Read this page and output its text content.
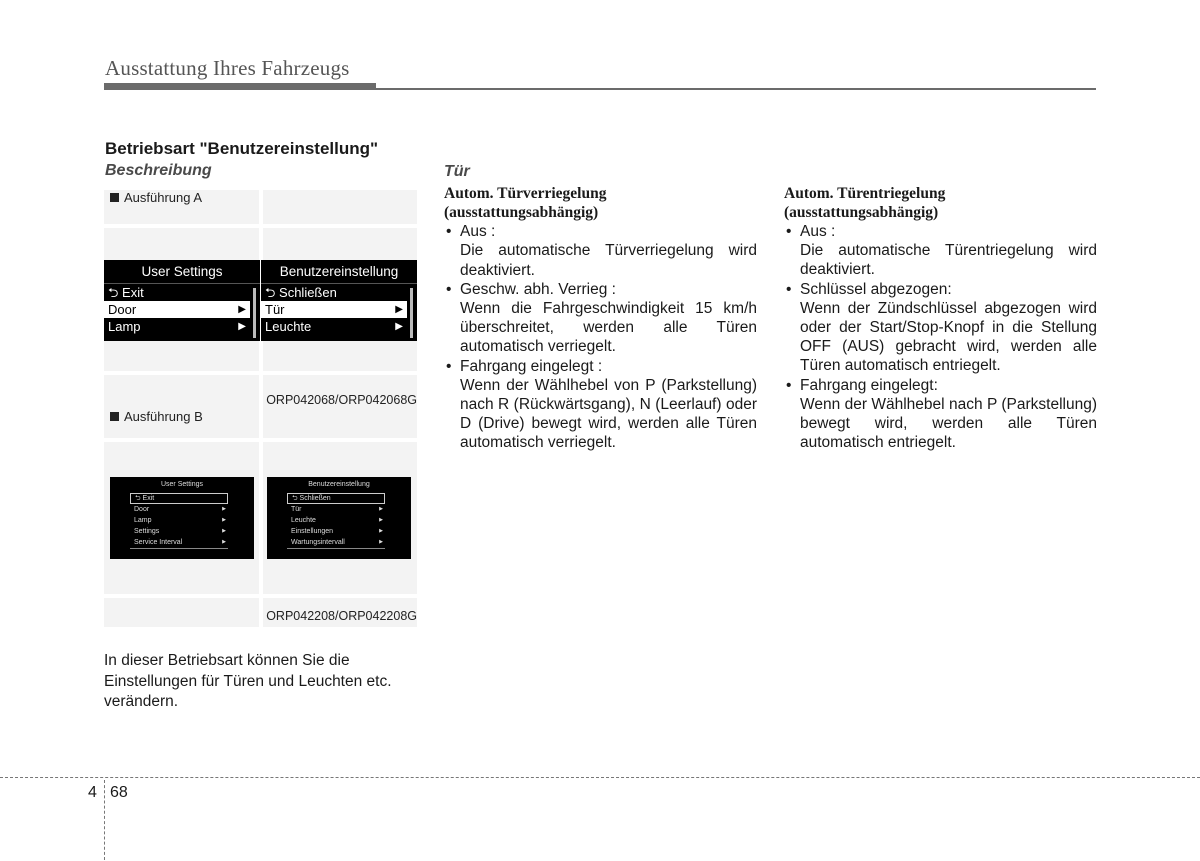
Ausstattung Ihres Fahrzeugs
Betriebsart "Benutzereinstellung"
Beschreibung
Ausführung A
ORP042068/ORP042068G
User Settings
⮌ Exit
Door	▶
Lamp	▶
Benutzereinstellung
⮌ Schließen
Tür	▶
Leuchte	▶
Ausführung B
ORP042208/ORP042208G
User Settings
⮌ Exit
Door	▶
Lamp	▶
Settings	▶
Service Interval	▶
Benutzereinstellung
⮌ Schließen
Tür	▶
Leuchte	▶
Einstellungen	▶
Wartungsintervall	▶
In dieser Betriebsart können Sie die Einstellungen für Türen und Leuchten etc. verändern.
Tür
Autom. Türverriegelung
(ausstattungsabhängig)
• Aus :
Die automatische Türverriegelung wird deaktiviert.
• Geschw. abh. Verrieg :
Wenn die Fahrgeschwindigkeit 15 km/h überschreitet, werden alle Türen automatisch verriegelt.
• Fahrgang eingelegt :
Wenn der Wählhebel von P (Parkstellung) nach R (Rückwärtsgang), N (Leerlauf) oder D (Drive) bewegt wird, werden alle Türen automatisch verriegelt.
Autom. Türentriegelung
(ausstattungsabhängig)
• Aus :
Die automatische Türentriegelung wird deaktiviert.
• Schlüssel abgezogen:
Wenn der Zündschlüssel abgezogen wird oder der Start/Stop-Knopf in die Stellung OFF (AUS) gebracht wird, werden alle Türen automatisch entriegelt.
• Fahrgang eingelegt:
Wenn der Wählhebel nach P (Parkstellung) bewegt wird, werden alle Türen automatisch entriegelt.
4 68
